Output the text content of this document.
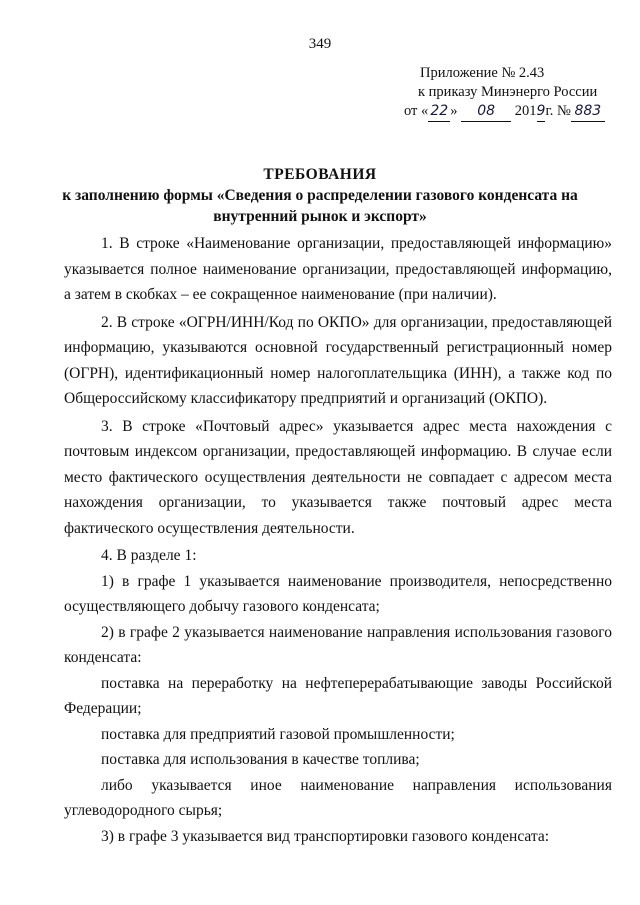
349
Приложение № 2.43
к приказу Минэнерго России
от « 22 » 08 2019г. № 883
ТРЕБОВАНИЯ
к заполнению формы «Сведения о распределении газового конденсата на внутренний рынок и экспорт»

1. В строке «Наименование организации, предоставляющей информацию» указывается полное наименование организации, предоставляющей информацию, а затем в скобках – ее сокращенное наименование (при наличии).

2. В строке «ОГРН/ИНН/Код по ОКПО» для организации, предоставляющей информацию, указываются основной государственный регистрационный номер (ОГРН), идентификационный номер налогоплательщика (ИНН), а также код по Общероссийскому классификатору предприятий и организаций (ОКПО).

3. В строке «Почтовый адрес» указывается адрес места нахождения с почтовым индексом организации, предоставляющей информацию. В случае если место фактического осуществления деятельности не совпадает с адресом места нахождения организации, то указывается также почтовый адрес места фактического осуществления деятельности.

4. В разделе 1:

1) в графе 1 указывается наименование производителя, непосредственно осуществляющего добычу газового конденсата;

2) в графе 2 указывается наименование направления использования газового конденсата:

поставка на переработку на нефтеперерабатывающие заводы Российской Федерации;

поставка для предприятий газовой промышленности;

поставка для использования в качестве топлива;

либо указывается иное наименование направления использования углеводородного сырья;

3) в графе 3 указывается вид транспортировки газового конденсата:
